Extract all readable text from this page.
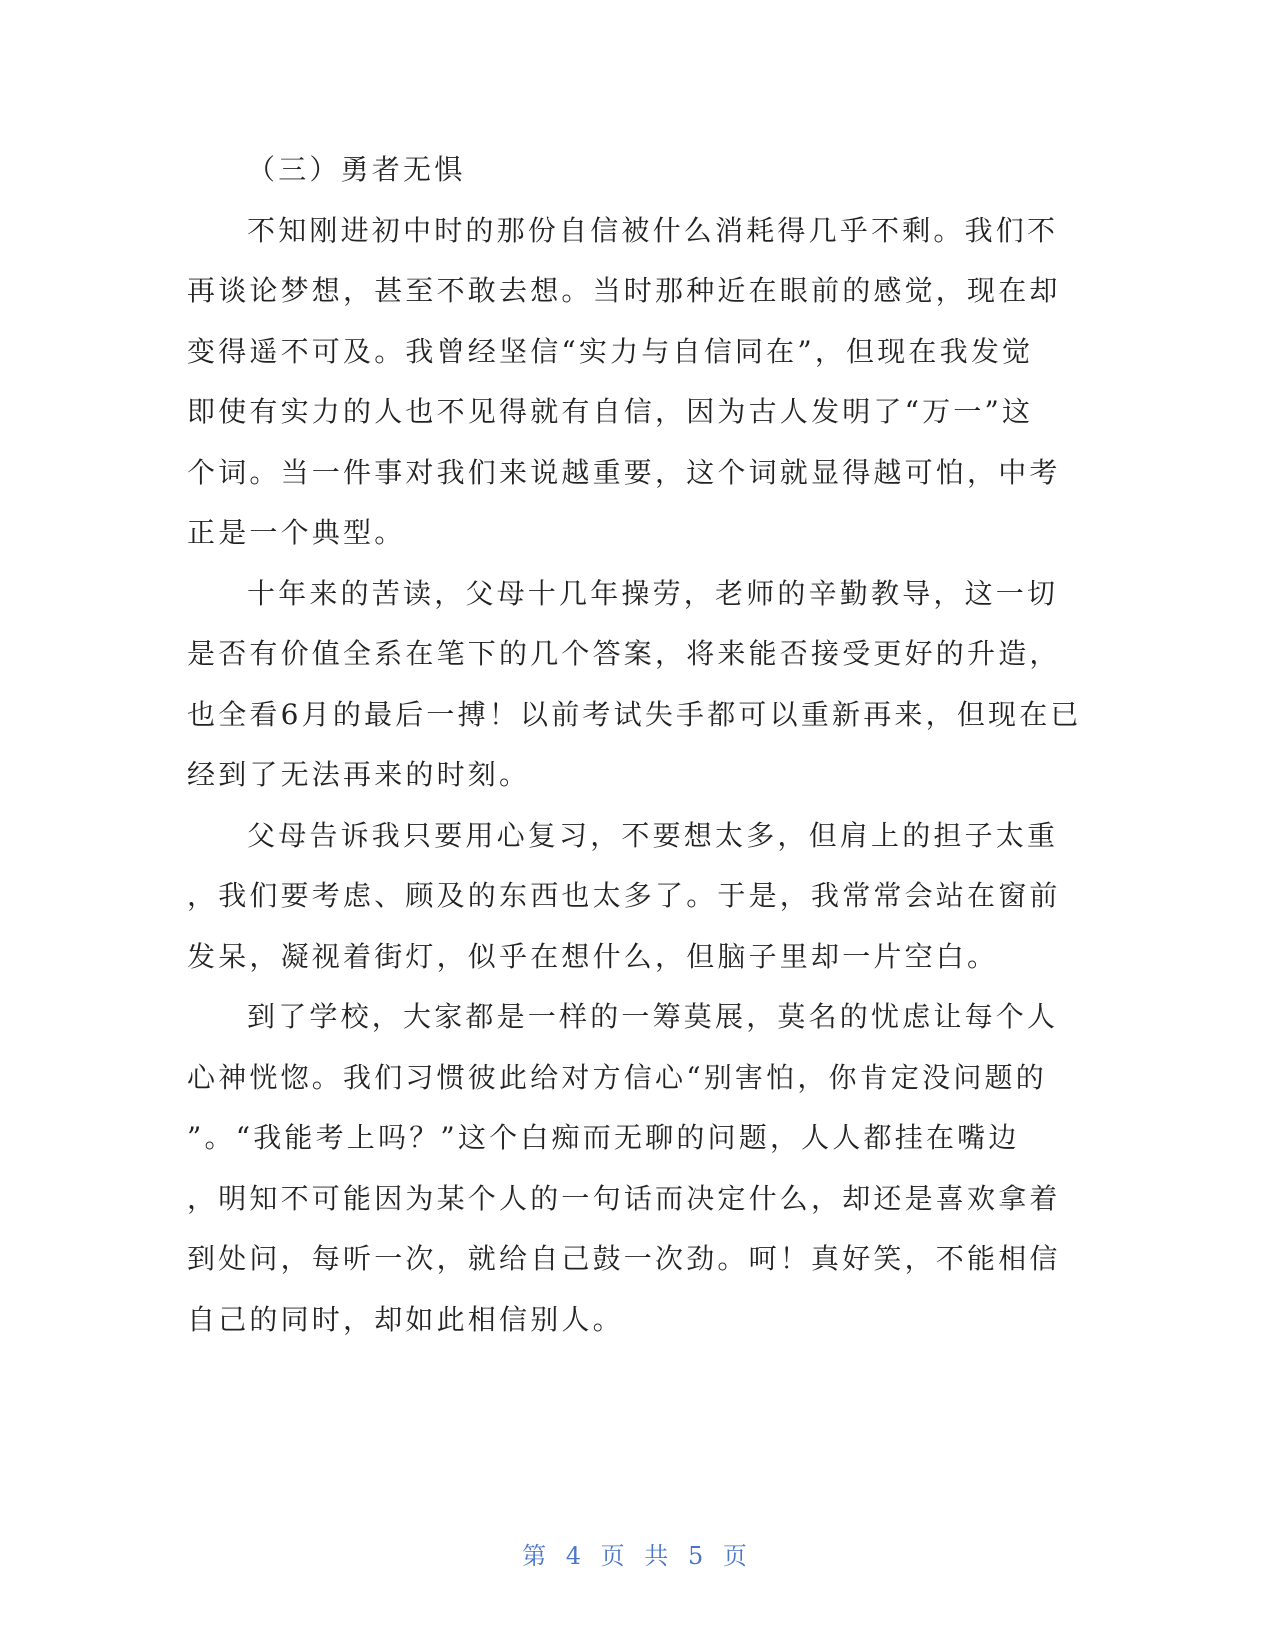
（三）勇者无惧

不知刚进初中时的那份自信被什么消耗得几乎不剩。我们不
再谈论梦想，甚至不敢去想。当时那种近在眼前的感觉，现在却
变得遥不可及。我曾经坚信“实力与自信同在”，但现在我发觉
即使有实力的人也不见得就有自信，因为古人发明了“万一”这
个词。当一件事对我们来说越重要，这个词就显得越可怕，中考
正是一个典型。

十年来的苦读，父母十几年操劳，老师的辛勤教导，这一切
是否有价值全系在笔下的几个答案，将来能否接受更好的升造，
也全看6月的最后一搏！以前考试失手都可以重新再来，但现在已
经到了无法再来的时刻。

父母告诉我只要用心复习，不要想太多，但肩上的担子太重
，我们要考虑、顾及的东西也太多了。于是，我常常会站在窗前
发呆，凝视着街灯，似乎在想什么，但脑子里却一片空白。

到了学校，大家都是一样的一筹莫展，莫名的忧虑让每个人
心神恍惚。我们习惯彼此给对方信心“别害怕，你肯定没问题的
”。“我能考上吗？”这个白痴而无聊的问题，人人都挂在嘴边
，明知不可能因为某个人的一句话而决定什么，却还是喜欢拿着
到处问，每听一次，就给自己鼓一次劲。呵！真好笑，不能相信
自己的同时，却如此相信别人。

第 4 页 共 5 页
